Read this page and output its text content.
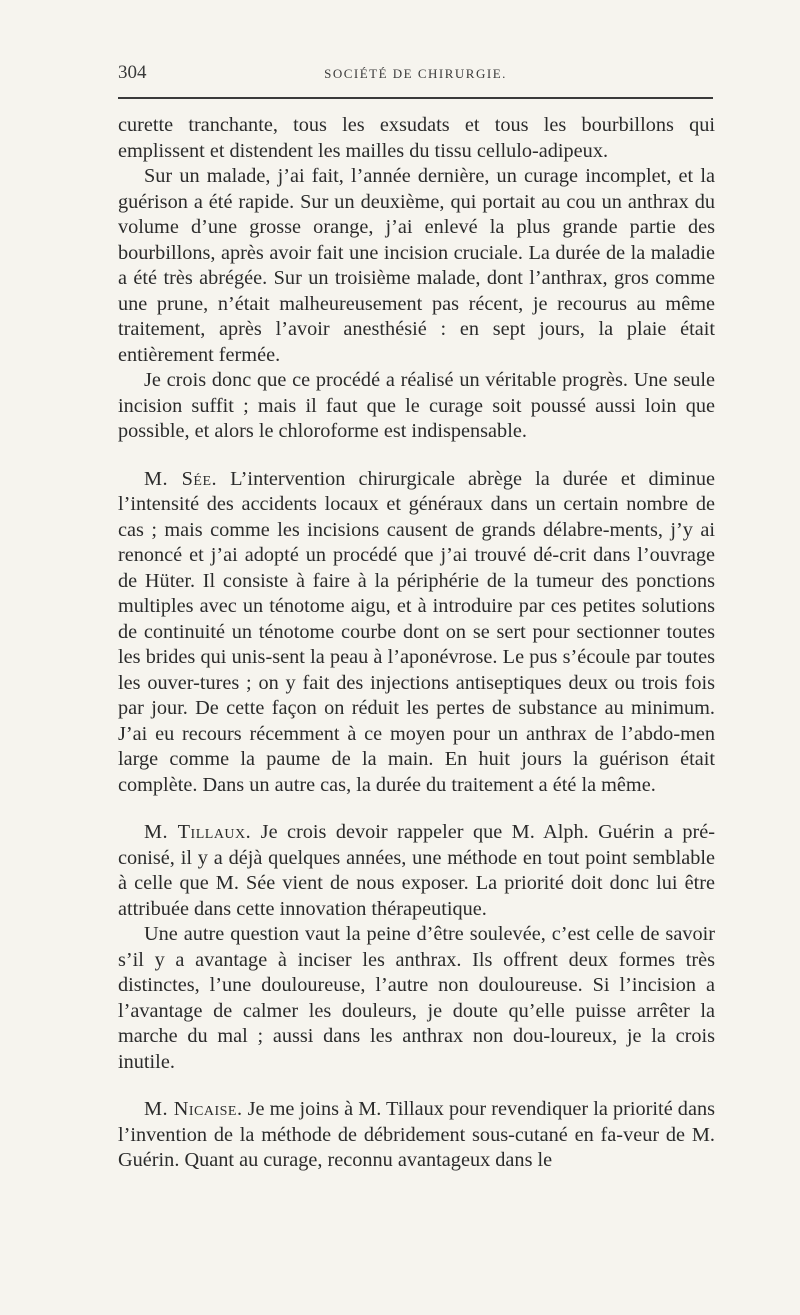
304	SOCIÉTÉ DE CHIRURGIE.

curette tranchante, tous les exsudats et tous les bourbillons qui emplissent et distendent les mailles du tissu cellulo-adipeux.

Sur un malade, j’ai fait, l’année dernière, un curage incomplet, et la guérison a été rapide. Sur un deuxième, qui portait au cou un anthrax du volume d’une grosse orange, j’ai enlevé la plus grande partie des bourbillons, après avoir fait une incision cruciale. La durée de la maladie a été très abrégée. Sur un troisième malade, dont l’anthrax, gros comme une prune, n’était malheureusement pas récent, je recourus au même traitement, après l’avoir anesthésié : en sept jours, la plaie était entièrement fermée.

Je crois donc que ce procédé a réalisé un véritable progrès. Une seule incision suffit ; mais il faut que le curage soit poussé aussi loin que possible, et alors le chloroforme est indispensable.

M. Sée. L’intervention chirurgicale abrège la durée et diminue l’intensité des accidents locaux et généraux dans un certain nombre de cas ; mais comme les incisions causent de grands délabre-ments, j’y ai renoncé et j’ai adopté un procédé que j’ai trouvé dé-crit dans l’ouvrage de Hüter. Il consiste à faire à la périphérie de la tumeur des ponctions multiples avec un ténotome aigu, et à introduire par ces petites solutions de continuité un ténotome courbe dont on se sert pour sectionner toutes les brides qui unis-sent la peau à l’aponévrose. Le pus s’écoule par toutes les ouver-tures ; on y fait des injections antiseptiques deux ou trois fois par jour. De cette façon on réduit les pertes de substance au minimum. J’ai eu recours récemment à ce moyen pour un anthrax de l’abdo-men large comme la paume de la main. En huit jours la guérison était complète. Dans un autre cas, la durée du traitement a été la même.

M. Tillaux. Je crois devoir rappeler que M. Alph. Guérin a pré-conisé, il y a déjà quelques années, une méthode en tout point semblable à celle que M. Sée vient de nous exposer. La priorité doit donc lui être attribuée dans cette innovation thérapeutique.

Une autre question vaut la peine d’être soulevée, c’est celle de savoir s’il y a avantage à inciser les anthrax. Ils offrent deux formes très distinctes, l’une douloureuse, l’autre non douloureuse. Si l’incision a l’avantage de calmer les douleurs, je doute qu’elle puisse arrêter la marche du mal ; aussi dans les anthrax non dou-loureux, je la crois inutile.

M. Nicaise. Je me joins à M. Tillaux pour revendiquer la priorité dans l’invention de la méthode de débridement sous-cutané en fa-veur de M. Guérin. Quant au curage, reconnu avantageux dans le
